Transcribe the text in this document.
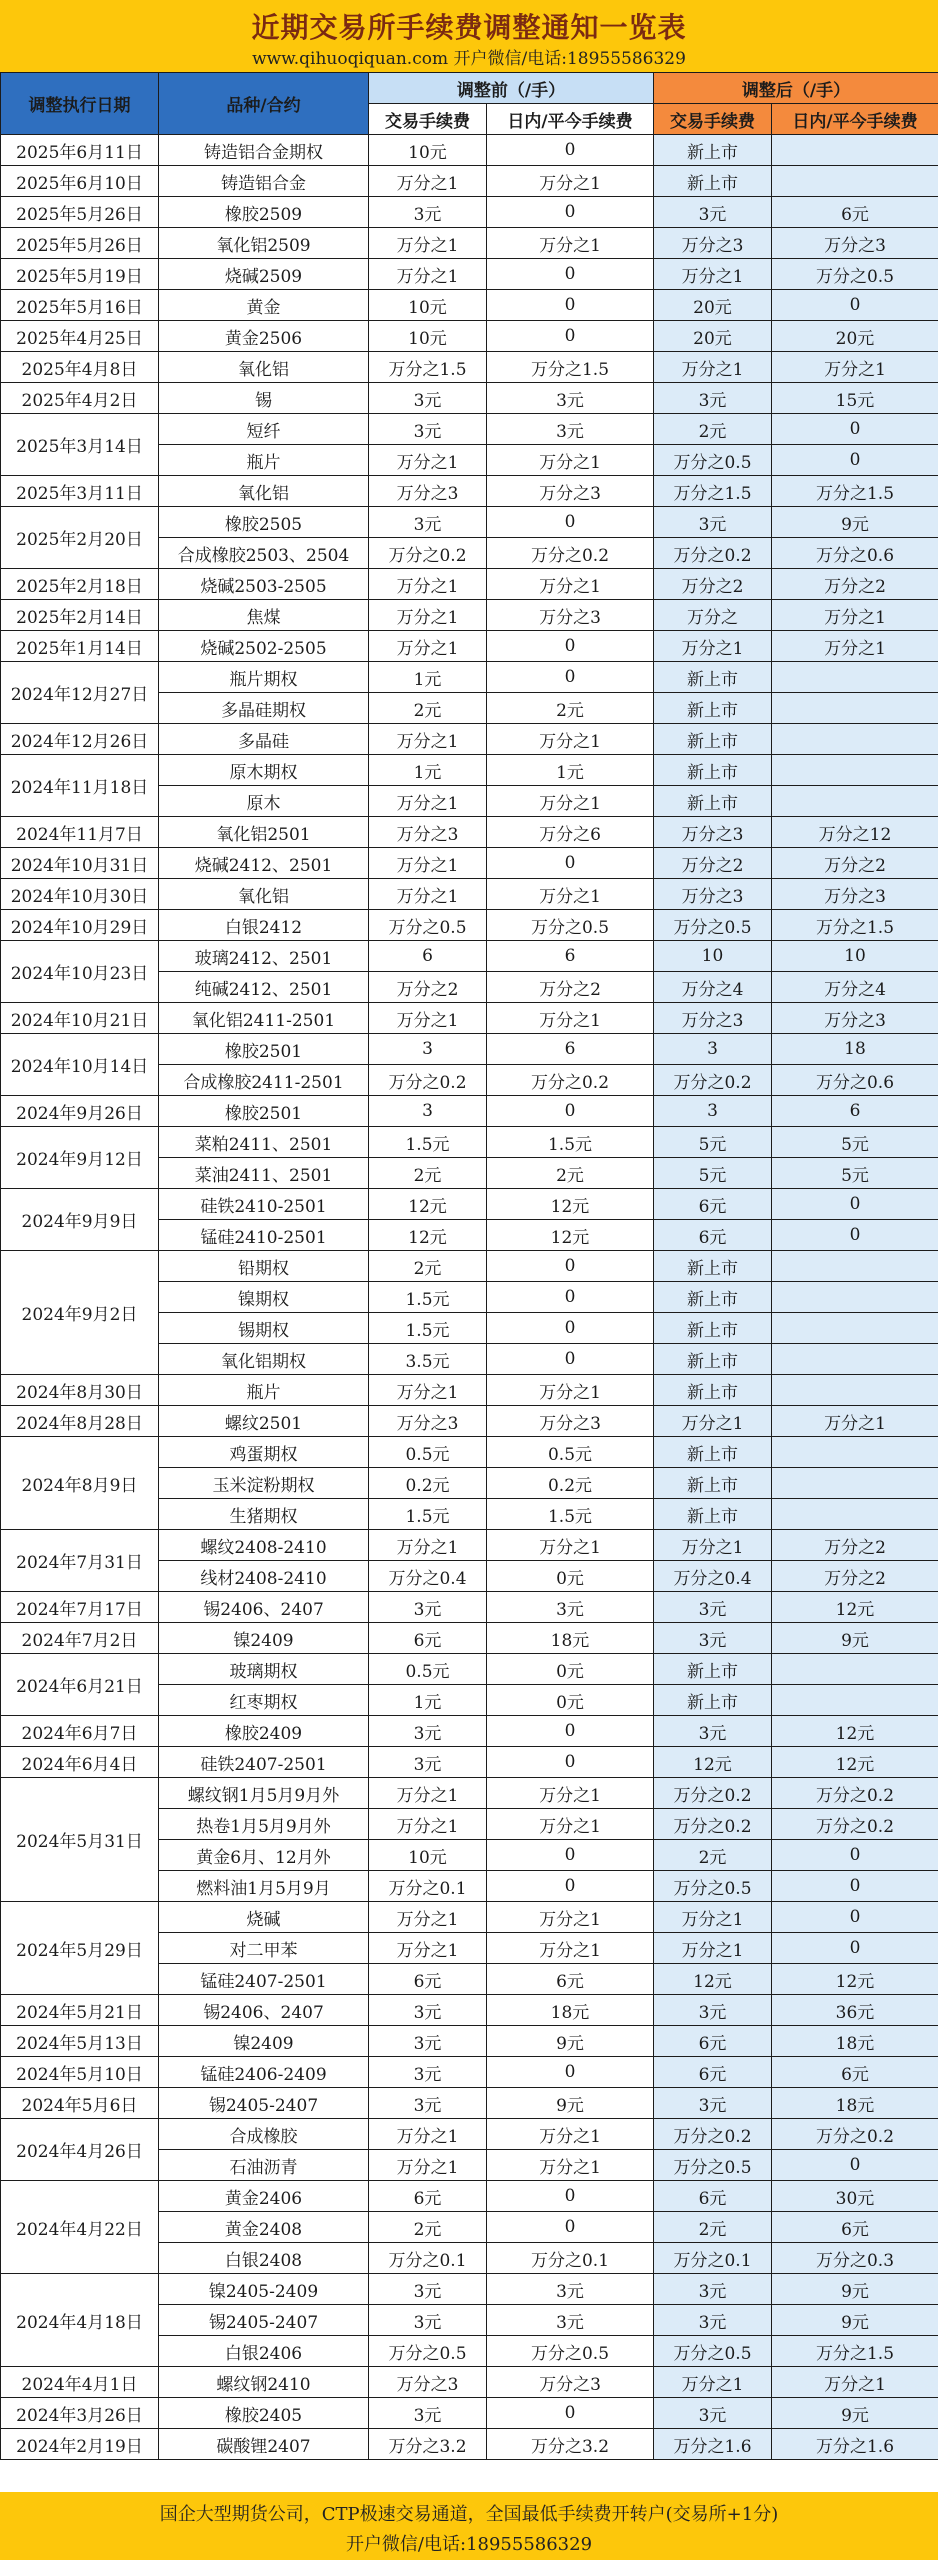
近期交易所手续费调整通知一览表
www.qihuoqiquan.com 开户微信/电话:18955586329
调整执行日期	品种/合约	调整前（/手）		调整后（/手）	
		交易手续费	日内/平今手续费	交易手续费	日内/平今手续费
2025年6月11日	铸造铝合金期权	10元	0	新上市	
2025年6月10日	铸造铝合金	万分之1	万分之1	新上市	
2025年5月26日	橡胶2509	3元	0	3元	6元
2025年5月26日	氧化铝2509	万分之1	万分之1	万分之3	万分之3
2025年5月19日	烧碱2509	万分之1	0	万分之1	万分之0.5
2025年5月16日	黄金	10元	0	20元	0
2025年4月25日	黄金2506	10元	0	20元	20元
2025年4月8日	氧化铝	万分之1.5	万分之1.5	万分之1	万分之1
2025年4月2日	锡	3元	3元	3元	15元
2025年3月14日	短纤	3元	3元	2元	0
	瓶片	万分之1	万分之1	万分之0.5	0
2025年3月11日	氧化铝	万分之3	万分之3	万分之1.5	万分之1.5
2025年2月20日	橡胶2505	3元	0	3元	9元
	合成橡胶2503、2504	万分之0.2	万分之0.2	万分之0.2	万分之0.6
2025年2月18日	烧碱2503-2505	万分之1	万分之1	万分之2	万分之2
2025年2月14日	焦煤	万分之1	万分之3	万分之	万分之1
2025年1月14日	烧碱2502-2505	万分之1	0	万分之1	万分之1
2024年12月27日	瓶片期权	1元	0	新上市	
	多晶硅期权	2元	2元	新上市	
2024年12月26日	多晶硅	万分之1	万分之1	新上市	
2024年11月18日	原木期权	1元	1元	新上市	
	原木	万分之1	万分之1	新上市	
2024年11月7日	氧化铝2501	万分之3	万分之6	万分之3	万分之12
2024年10月31日	烧碱2412、2501	万分之1	0	万分之2	万分之2
2024年10月30日	氧化铝	万分之1	万分之1	万分之3	万分之3
2024年10月29日	白银2412	万分之0.5	万分之0.5	万分之0.5	万分之1.5
2024年10月23日	玻璃2412、2501	6	6	10	10
	纯碱2412、2501	万分之2	万分之2	万分之4	万分之4
2024年10月21日	氧化铝2411-2501	万分之1	万分之1	万分之3	万分之3
2024年10月14日	橡胶2501	3	6	3	18
	合成橡胶2411-2501	万分之0.2	万分之0.2	万分之0.2	万分之0.6
2024年9月26日	橡胶2501	3	0	3	6
2024年9月12日	菜粕2411、2501	1.5元	1.5元	5元	5元
	菜油2411、2501	2元	2元	5元	5元
2024年9月9日	硅铁2410-2501	12元	12元	6元	0
	锰硅2410-2501	12元	12元	6元	0
2024年9月2日	铅期权	2元	0	新上市	
	镍期权	1.5元	0	新上市	
	锡期权	1.5元	0	新上市	
	氧化铝期权	3.5元	0	新上市	
2024年8月30日	瓶片	万分之1	万分之1	新上市	
2024年8月28日	螺纹2501	万分之3	万分之3	万分之1	万分之1
2024年8月9日	鸡蛋期权	0.5元	0.5元	新上市	
	玉米淀粉期权	0.2元	0.2元	新上市	
	生猪期权	1.5元	1.5元	新上市	
2024年7月31日	螺纹2408-2410	万分之1	万分之1	万分之1	万分之2
	线材2408-2410	万分之0.4	0元	万分之0.4	万分之2
2024年7月17日	锡2406、2407	3元	3元	3元	12元
2024年7月2日	镍2409	6元	18元	3元	9元
2024年6月21日	玻璃期权	0.5元	0元	新上市	
	红枣期权	1元	0元	新上市	
2024年6月7日	橡胶2409	3元	0	3元	12元
2024年6月4日	硅铁2407-2501	3元	0	12元	12元
2024年5月31日	螺纹钢1月5月9月外	万分之1	万分之1	万分之0.2	万分之0.2
	热卷1月5月9月外	万分之1	万分之1	万分之0.2	万分之0.2
	黄金6月、12月外	10元	0	2元	0
	燃料油1月5月9月	万分之0.1	0	万分之0.5	0
2024年5月29日	烧碱	万分之1	万分之1	万分之1	0
	对二甲苯	万分之1	万分之1	万分之1	0
	锰硅2407-2501	6元	6元	12元	12元
2024年5月21日	锡2406、2407	3元	18元	3元	36元
2024年5月13日	镍2409	3元	9元	6元	18元
2024年5月10日	锰硅2406-2409	3元	0	6元	6元
2024年5月6日	锡2405-2407	3元	9元	3元	18元
2024年4月26日	合成橡胶	万分之1	万分之1	万分之0.2	万分之0.2
	石油沥青	万分之1	万分之1	万分之0.5	0
2024年4月22日	黄金2406	6元	0	6元	30元
	黄金2408	2元	0	2元	6元
	白银2408	万分之0.1	万分之0.1	万分之0.1	万分之0.3
2024年4月18日	镍2405-2409	3元	3元	3元	9元
	锡2405-2407	3元	3元	3元	9元
	白银2406	万分之0.5	万分之0.5	万分之0.5	万分之1.5
2024年4月1日	螺纹钢2410	万分之3	万分之3	万分之1	万分之1
2024年3月26日	橡胶2405	3元	0	3元	9元
2024年2月19日	碳酸锂2407	万分之3.2	万分之3.2	万分之1.6	万分之1.6
国企大型期货公司，CTP极速交易通道，全国最低手续费开转户(交易所+1分)
开户微信/电话:18955586329
